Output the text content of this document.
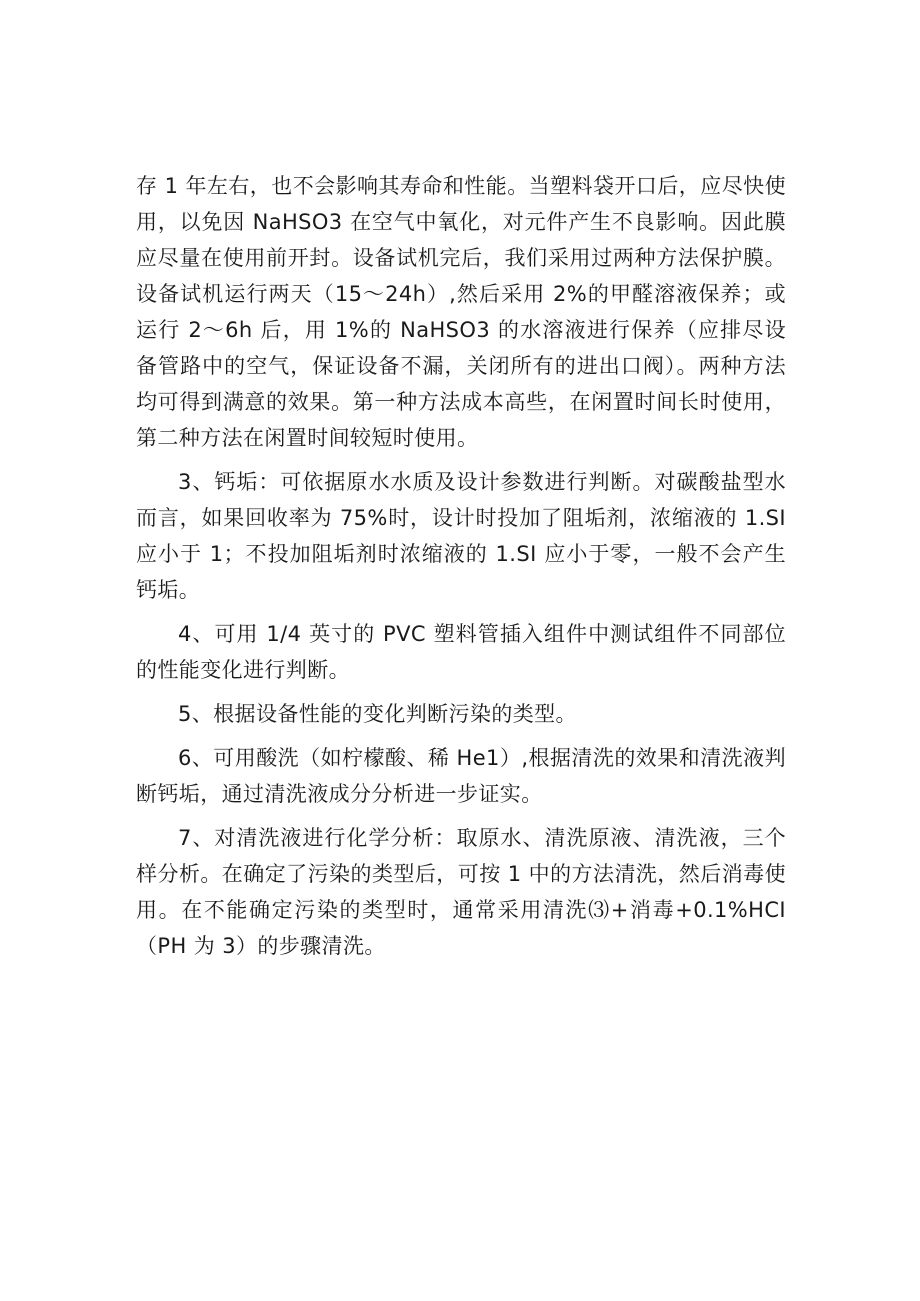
存 1 年左右，也不会影响其寿命和性能。当塑料袋开口后，应尽快使用，以免因 NaHSO3 在空气中氧化，对元件产生不良影响。因此膜应尽量在使用前开封。设备试机完后，我们采用过两种方法保护膜。设备试机运行两天（15～24h）,然后采用 2%的甲醛溶液保养；或运行 2～6h 后，用 1%的 NaHSO3 的水溶液进行保养（应排尽设备管路中的空气，保证设备不漏，关闭所有的进出口阀）。两种方法均可得到满意的效果。第一种方法成本高些，在闲置时间长时使用，第二种方法在闲置时间较短时使用。

3、钙垢：可依据原水水质及设计参数进行判断。对碳酸盐型水而言，如果回收率为 75%时，设计时投加了阻垢剂，浓缩液的 1.SI 应小于 1；不投加阻垢剂时浓缩液的 1.SI 应小于零，一般不会产生钙垢。

4、可用 1/4 英寸的 PVC 塑料管插入组件中测试组件不同部位的性能变化进行判断。

5、根据设备性能的变化判断污染的类型。

6、可用酸洗（如柠檬酸、稀 He1）,根据清洗的效果和清洗液判断钙垢，通过清洗液成分分析进一步证实。

7、对清洗液进行化学分析：取原水、清洗原液、清洗液，三个样分析。在确定了污染的类型后，可按 1 中的方法清洗，然后消毒使用。在不能确定污染的类型时，通常采用清洗⑶+消毒+0.1%HCI（PH 为 3）的步骤清洗。
